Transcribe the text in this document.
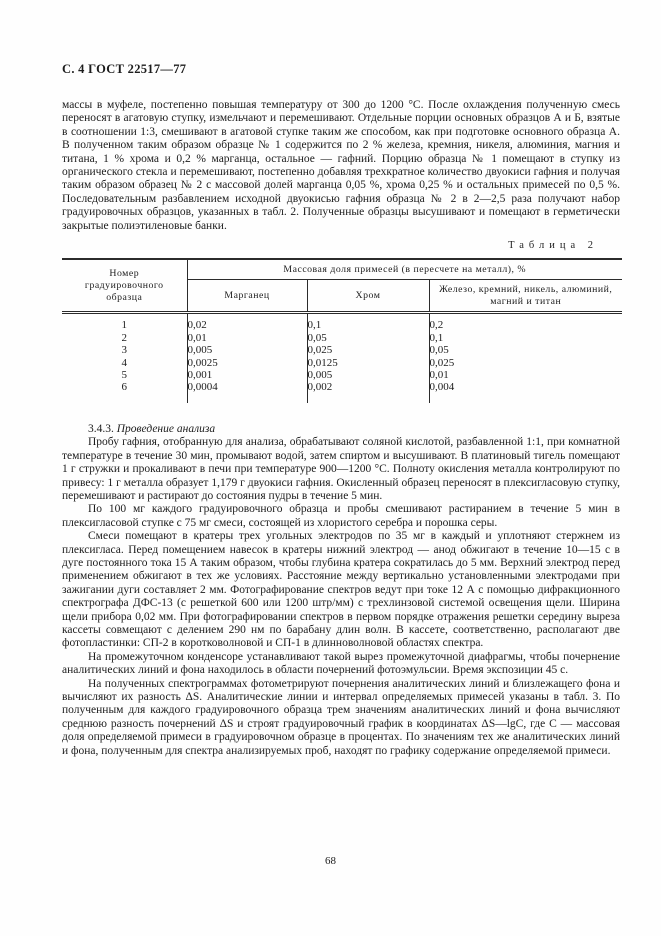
С. 4 ГОСТ 22517—77

массы в муфеле, постепенно повышая температуру от 300 до 1200 °С. После охлаждения полученную смесь переносят в агатовую ступку, измельчают и перемешивают. Отдельные порции основных образцов А и Б, взятые в соотношении 1:3, смешивают в агатовой ступке таким же способом, как при подготовке основного образца А. В полученном таким образом образце № 1 содержится по 2 % железа, кремния, никеля, алюминия, магния и титана, 1 % хрома и 0,2 % марганца, остальное — гафний. Порцию образца № 1 помещают в ступку из органического стекла и перемешивают, постепенно добавляя трехкратное количество двуокиси гафния и получая таким образом образец № 2 с массовой долей марганца 0,05 %, хрома 0,25 % и остальных примесей по 0,5 %. Последовательным разбавлением исходной двуокисью гафния образца № 2 в 2—2,5 раза получают набор градуировочных образцов, указанных в табл. 2. Полученные образцы высушивают и помещают в герметически закрытые полиэтиленовые банки.

Таблица 2
Номер градуировочного образца	Массовая доля примесей (в пересчете на металл), %		
	Марганец	Хром	Железо, кремний, никель, алюминий, магний и титан
1	0,02	0,1	0,2
2	0,01	0,05	0,1
3	0,005	0,025	0,05
4	0,0025	0,0125	0,025
5	0,001	0,005	0,01
6	0,0004	0,002	0,004

3.4.3. Проведение анализа

Пробу гафния, отобранную для анализа, обрабатывают соляной кислотой, разбавленной 1:1, при комнатной температуре в течение 30 мин, промывают водой, затем спиртом и высушивают. В платиновый тигель помещают 1 г стружки и прокаливают в печи при температуре 900—1200 °С. Полноту окисления металла контролируют по привесу: 1 г металла образует 1,179 г двуокиси гафния. Окисленный образец переносят в плексигласовую ступку, перемешивают и растирают до состояния пудры в течение 5 мин.

По 100 мг каждого градуировочного образца и пробы смешивают растиранием в течение 5 мин в плексигласовой ступке с 75 мг смеси, состоящей из хлористого серебра и порошка серы.

Смеси помещают в кратеры трех угольных электродов по 35 мг в каждый и уплотняют стержнем из плексигласа. Перед помещением навесок в кратеры нижний электрод — анод обжигают в течение 10—15 с в дуге постоянного тока 15 А таким образом, чтобы глубина кратера сократилась до 5 мм. Верхний электрод перед применением обжигают в тех же условиях. Расстояние между вертикально установленными электродами при зажигании дуги составляет 2 мм. Фотографирование спектров ведут при токе 12 А с помощью дифракционного спектрографа ДФС-13 (с решеткой 600 или 1200 штр/мм) с трехлинзовой системой освещения щели. Ширина щели прибора 0,02 мм. При фотографировании спектров в первом порядке отражения решетки середину выреза кассеты совмещают с делением 290 нм по барабану длин волн. В кассете, соответственно, располагают две фотопластинки: СП-2 в коротковолновой и СП-1 в длинноволновой областях спектра.

На промежуточном конденсоре устанавливают такой вырез промежуточной диафрагмы, чтобы почернение аналитических линий и фона находилось в области почернений фотоэмульсии. Время экспозиции 45 с.

На полученных спектрограммах фотометрируют почернения аналитических линий и близлежащего фона и вычисляют их разность ΔS. Аналитические линии и интервал определяемых примесей указаны в табл. 3. По полученным для каждого градуировочного образца трем значениям аналитических линий и фона вычисляют среднюю разность почернений ΔS и строят градуировочный график в координатах ΔS—lgC, где С — массовая доля определяемой примеси в градуировочном образце в процентах. По значениям тех же аналитических линий и фона, полученным для спектра анализируемых проб, находят по графику содержание определяемой примеси.

68
